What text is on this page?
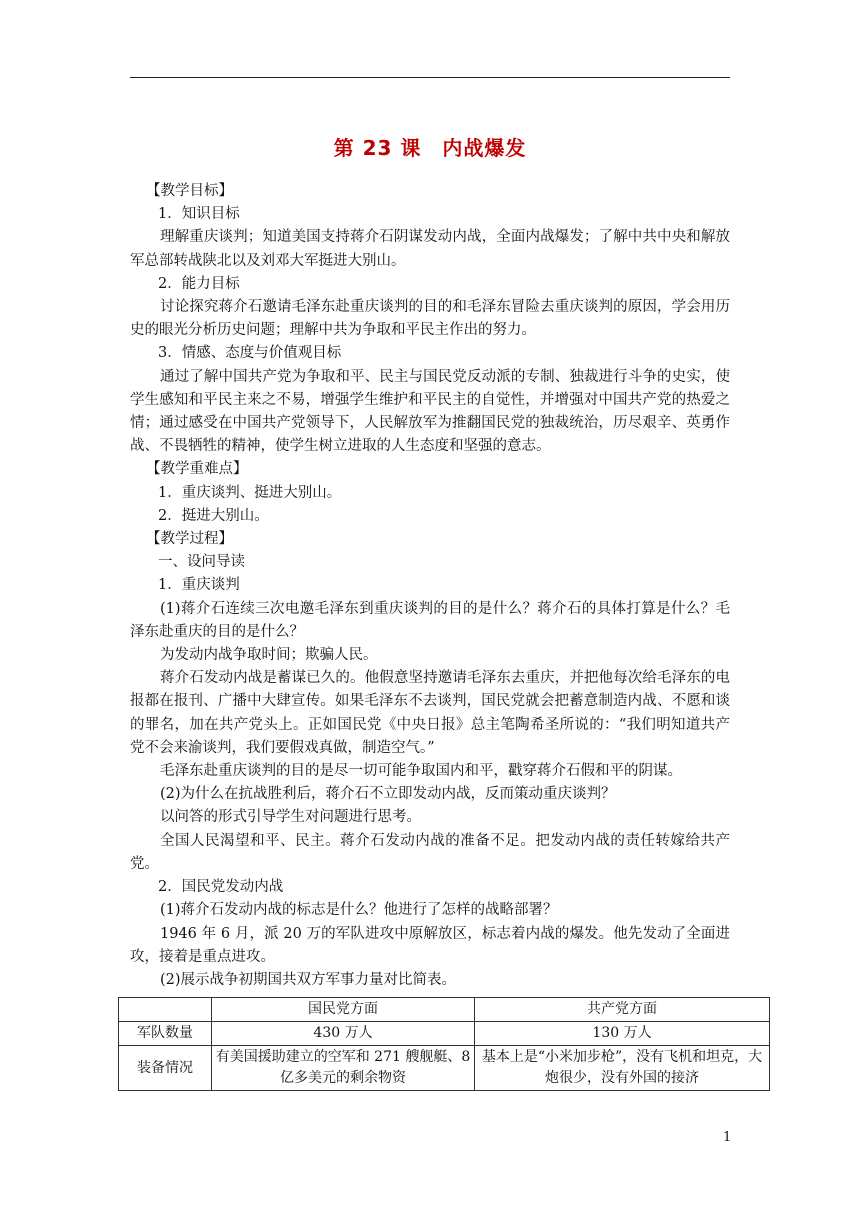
第 23 课　内战爆发

【教学目标】

1．知识目标

理解重庆谈判；知道美国支持蒋介石阴谋发动内战，全面内战爆发；了解中共中央和解放军总部转战陕北以及刘邓大军挺进大别山。

2．能力目标

讨论探究蒋介石邀请毛泽东赴重庆谈判的目的和毛泽东冒险去重庆谈判的原因，学会用历史的眼光分析历史问题；理解中共为争取和平民主作出的努力。

3．情感、态度与价值观目标

通过了解中国共产党为争取和平、民主与国民党反动派的专制、独裁进行斗争的史实，使学生感知和平民主来之不易，增强学生维护和平民主的自觉性，并增强对中国共产党的热爱之情；通过感受在中国共产党领导下，人民解放军为推翻国民党的独裁统治，历尽艰辛、英勇作战、不畏牺牲的精神，使学生树立进取的人生态度和坚强的意志。

【教学重难点】

1．重庆谈判、挺进大别山。

2．挺进大别山。

【教学过程】

一、设问导读

1．重庆谈判

(1)蒋介石连续三次电邀毛泽东到重庆谈判的目的是什么？蒋介石的具体打算是什么？毛泽东赴重庆的目的是什么？

为发动内战争取时间；欺骗人民。

蒋介石发动内战是蓄谋已久的。他假意坚持邀请毛泽东去重庆，并把他每次给毛泽东的电报都在报刊、广播中大肆宣传。如果毛泽东不去谈判，国民党就会把蓄意制造内战、不愿和谈的罪名，加在共产党头上。正如国民党《中央日报》总主笔陶希圣所说的：“我们明知道共产党不会来渝谈判，我们要假戏真做，制造空气。”

毛泽东赴重庆谈判的目的是尽一切可能争取国内和平，戳穿蒋介石假和平的阴谋。

(2)为什么在抗战胜利后，蒋介石不立即发动内战，反而策动重庆谈判？

以问答的形式引导学生对问题进行思考。

全国人民渴望和平、民主。蒋介石发动内战的准备不足。把发动内战的责任转嫁给共产党。

2．国民党发动内战

(1)蒋介石发动内战的标志是什么？他进行了怎样的战略部署？

1946 年 6 月，派 20 万的军队进攻中原解放区，标志着内战的爆发。他先发动了全面进攻，接着是重点进攻。

(2)展示战争初期国共双方军事力量对比简表。

	国民党方面	共产党方面
军队数量	430 万人	130 万人
装备情况	有美国援助建立的空军和 271 艘舰艇、8 亿多美元的剩余物资	基本上是“小米加步枪”，没有飞机和坦克，大炮很少，没有外国的接济
1
